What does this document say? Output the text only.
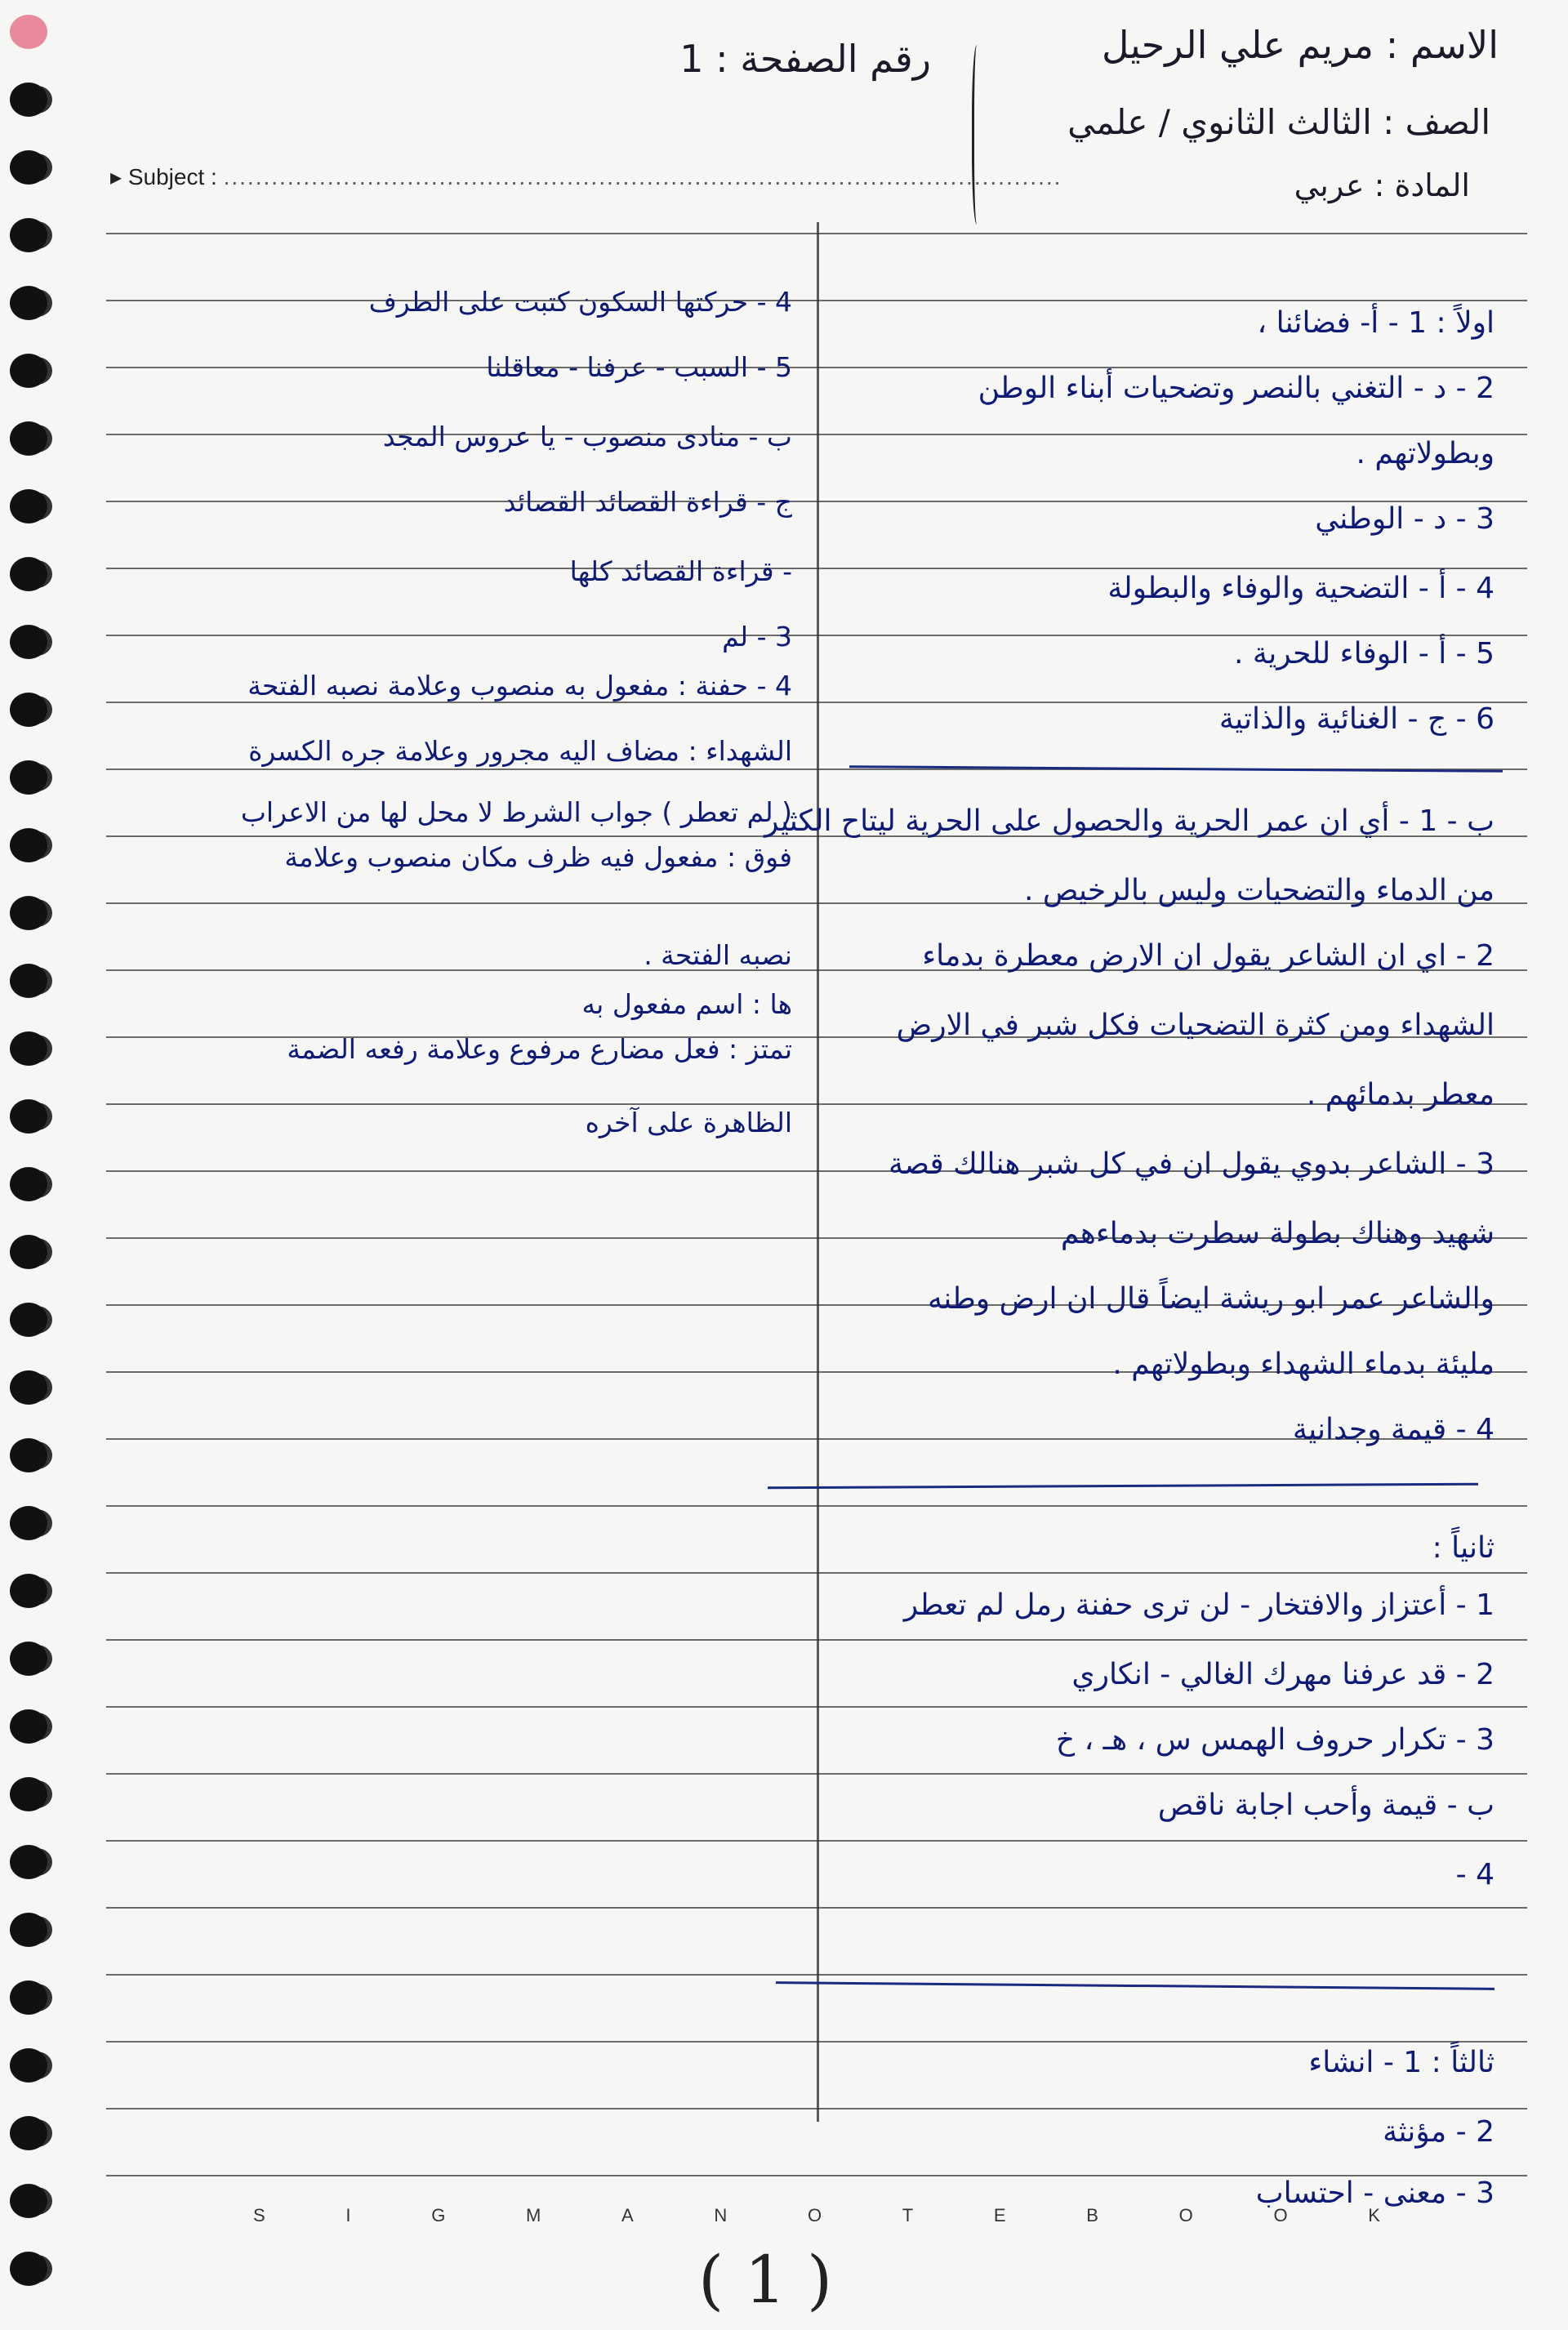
الاسم : مريم علي الرحيل
الصف : الثالث الثانوي / علمي
المادة : عربي
رقم الصفحة : 1
▸ Subject : .........................................................................................................
اولاً : 1 - أ- فضائنا ،
2 - د - التغني بالنصر وتضحيات أبناء الوطن
وبطولاتهم .
3 - د - الوطني
4 - أ - التضحية والوفاء والبطولة
5 - أ - الوفاء للحرية .
6 - ج - الغنائية والذاتية
ب - 1 - أي ان عمر الحرية والحصول على الحرية ليتاح الكثير
من الدماء والتضحيات وليس بالرخيص .
2 - اي ان الشاعر يقول ان الارض معطرة بدماء
الشهداء ومن كثرة التضحيات فكل شبر في الارض
معطر بدمائهم .
3 - الشاعر بدوي يقول ان في كل شبر هنالك قصة
شهيد وهناك بطولة سطرت بدماءهم
والشاعر عمر ابو ريشة ايضاً قال ان ارض وطنه
مليئة بدماء الشهداء وبطولاتهم .
4 - قيمة وجدانية
ثانياً :
1 - أعتزاز والافتخار - لن ترى حفنة رمل لم تعطر
2 - قد عرفنا مهرك الغالي - انكاري
3 - تكرار حروف الهمس س ، هـ ، خ
ب - قيمة وأحب اجابة ناقص
4 -
ثالثاً : 1 - انشاء
2 - مؤنثة
3 - معنى - احتساب
4 - حركتها السكون كتبت على الطرف
5 - السبب - عرفنا - معاقلنا
ب - منادى منصوب - يا عروس المجد
ج - قراءة القصائد القصائد
- قراءة القصائد كلها
3 - لم
4 - حفنة : مفعول به منصوب وعلامة نصبه الفتحة
الشهداء : مضاف اليه مجرور وعلامة جره الكسرة
( لم تعطر ) جواب الشرط لا محل لها من الاعراب
فوق : مفعول فيه ظرف مكان منصوب وعلامة
نصبه الفتحة .
ها : اسم مفعول به
تمتز : فعل مضارع مرفوع وعلامة رفعه الضمة
الظاهرة على آخره
S	I	G	M	A	N	O	T	E	B	O	O	K
( 1 )
